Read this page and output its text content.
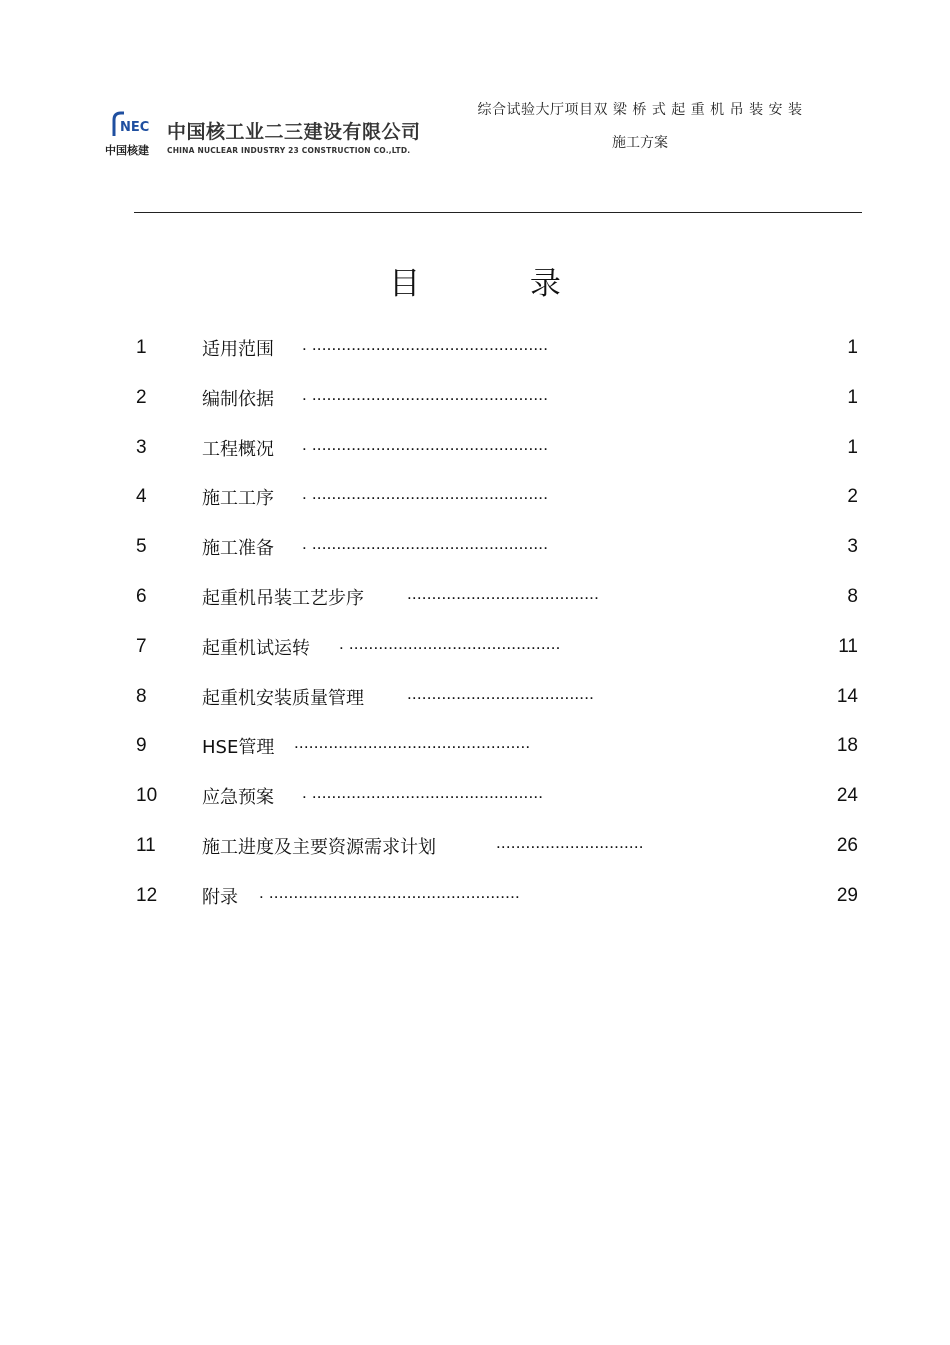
NEC
中国核建
中国核工业二三建设有限公司
CHINA NUCLEAR INDUSTRY 23 CONSTRUCTION CO.,LTD.
综合试验大厅项目双 梁 桥 式 起 重 机 吊 装 安 装
施工方案
目 录
1	适用范围 . ................................................	1
2	编制依据 . ................................................	1
3	工程概况 . ................................................	1
4	施工工序 . ................................................	2
5	施工准备 . ................................................	3
6	起重机吊装工艺步序	.......................................	8
7	起重机试运转 . ...........................................	11
8	起重机安装质量管理	......................................	14
9	HSE管理 ................................................	18
10 应急预案 . ...............................................	24
11	施工进度及主要资源需求计划	..............................	26
12 附录 . ...................................................	29
